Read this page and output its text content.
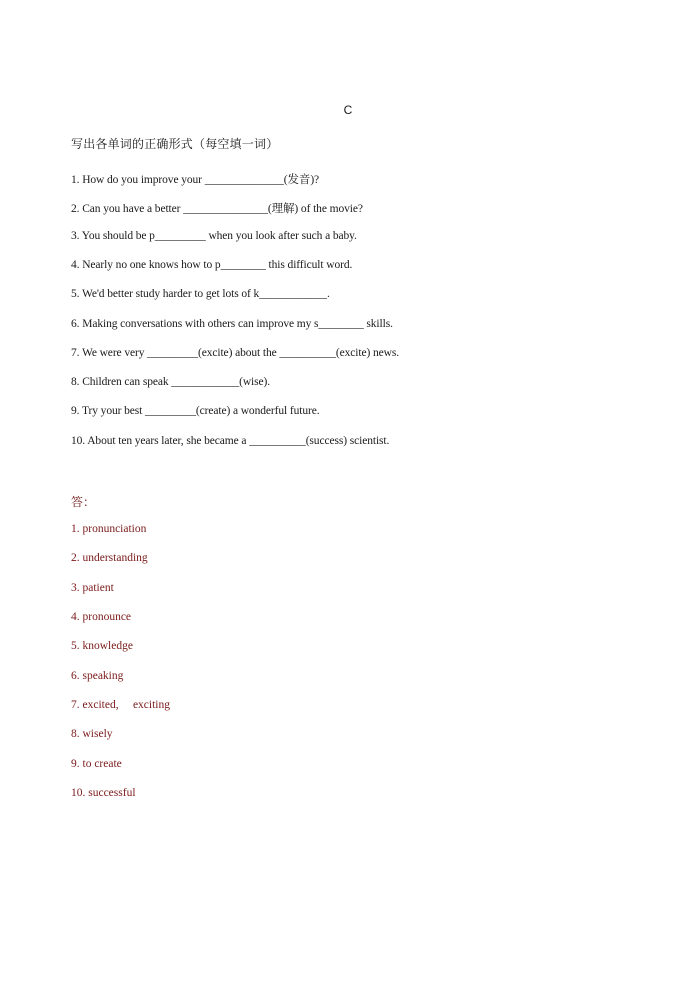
C
写出各单词的正确形式（每空填一词）
1. How do you improve your ______________(发音)?
2. Can you have a better _______________(理解) of the movie?
3. You should be p_________ when you look after such a baby.
4. Nearly no one knows how to p________ this difficult word.
5. We'd better study harder to get lots of k____________.
6. Making conversations with others can improve my s________ skills.
7. We were very _________(excite) about the __________(excite) news.
8. Children can speak ____________(wise).
9. Try your best _________(create) a wonderful future.
10. About ten years later, she became a __________(success) scientist.
答：
1. pronunciation
2. understanding
3. patient
4. pronounce
5. knowledge
6. speaking
7. excited,     exciting
8. wisely
9. to create
10. successful
